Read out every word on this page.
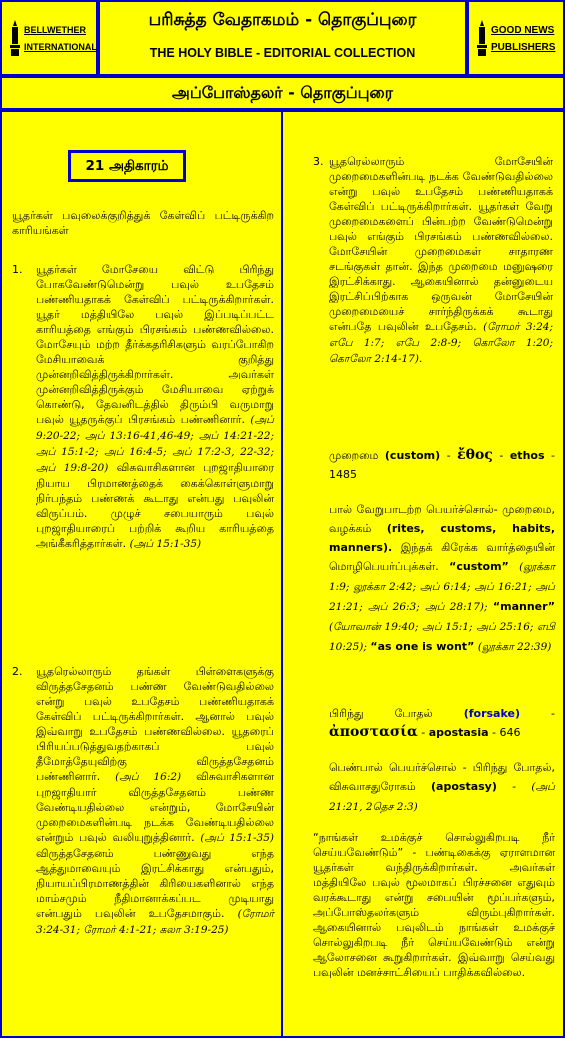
BELLWETHER
INTERNATIONAL
பரிசுத்த வேதாகமம் - தொகுப்புரை
THE HOLY BIBLE - EDITORIAL COLLECTION
GOOD NEWS
PUBLISHERS
அப்போஸ்தலர் - தொகுப்புரை
21 அதிகாரம்

யூதர்கள் பவுலைக்குறித்துக் கேள்விப் பட்டிருக்கிற காரியங்கள்

1.	யூதர்கள் மோசேயை விட்டு பிரிந்து போகவேண்டுமென்று பவுல் உபதேசம் பண்ணியதாகக் கேள்விப் பட்டிருக்கிறார்கள். யூதர் மத்தியிலே பவுல் இப்படிப்பட்ட காரியத்தை எங்கும் பிரசங்கம் பண்ணவில்லை. மோசேயும் மற்ற தீர்க்கதரிசிகளும் வரப்போகிற மேசியாவைக் குறித்து முன்னறிவித்திருக்கிறார்கள். அவர்கள் முன்னறிவித்திருக்கும் மேசியாவை ஏற்றுக் கொண்டு, தேவனிடத்தில் திரும்பி வருமாறு பவுல் யூதருக்குப் பிரசங்கம் பண்ணினார். (அப் 9:20-22; அப் 13:16-41,46-49; அப் 14:21-22; அப் 15:1-2; அப் 16:4-5; அப் 17:2-3, 22-32; அப் 19:8-20) விசுவாசிகளான புறஜாதியாரை நியாய பிரமாணத்தைக் கைக்கொள்ளுமாறு நிர்பந்தம் பண்ணக் கூடாது என்பது பவுலின் விருப்பம். முழுச் சபையாரும் பவுல் புறஜாதியாரைப் பற்றிக் கூறிய காரியத்தை அங்கீகரித்தார்கள். (அப் 15:1-35)

2.	யூதரெல்லாரும் தங்கள் பிள்ளைகளுக்கு விருத்தசேதனம் பண்ண வேண்டுவதில்லை என்று பவுல் உபதேசம் பண்ணியதாகக் கேள்விப் பட்டிருக்கிறார்கள். ஆனால் பவுல் இவ்வாறு உபதேசம் பண்ணவில்லை. யூதரைப் பிரியப்படுத்துவதற்காகப் பவுல் தீமோத்தேயுவிற்கு விருத்தசேதனம் பண்ணினார். (அப் 16:2) விசுவாசிகளான புறஜாதியார் விருத்தசேதனம் பண்ண வேண்டியதில்லை என்றும், மோசேயின் முறைமைகளின்படி நடக்க வேண்டியதில்லை என்றும் பவுல் வலியுறுத்தினார். (அப் 15:1-35) விருத்தசேதனம் பண்ணுவது எந்த ஆத்துமாவையும் இரட்சிக்காது என்பதும், நியாயப்பிரமாணத்தின் கிரியைகளினால் எந்த மாம்சமும் நீதிமானாக்கப்பட முடியாது என்பதும் பவுலின் உபதேசமாகும். (ரோமர் 3:24-31; ரோமர் 4:1-21; கலா 3:19-25)

3. யூதரெல்லாரும் மோசேயின் முறைமைகளின்படி நடக்க வேண்டுவதில்லை என்று பவுல் உபதேசம் பண்ணியதாகக் கேள்விப் பட்டிருக்கிறார்கள். யூதர்கள் வேறு முறைமைகளைப் பின்பற்ற வேண்டுமென்று பவுல் எங்கும் பிரசங்கம் பண்ணவில்லை. மோசேயின் முறைமைகள் சாதாரண சடங்குகள் தான். இந்த முறைமை மனுஷரை இரட்சிக்காது. ஆகையினால் தன்னுடைய இரட்சிப்பிற்காக ஒருவன் மோசேயின் முறைமையைச் சார்ந்திருக்கக் கூடாது என்பதே பவுலின் உபதேசம். (ரோமர் 3:24; எபே 1:7; எபே 2:8-9; கொலோ 1:20; கொலோ 2:14-17).

முறைமை (custom) - ἔθος - ethos - 1485

பால் வேறுபாடற்ற பெயர்ச்சொல்- முறைமை, வழக்கம் (rites, customs, habits, manners). இந்தக் கிரேக்க வார்த்தையின் மொழிபெயர்ப்புக்கள். “custom” (லூக்கா 1:9; லூக்கா 2:42; அப் 6:14; அப் 16:21; அப் 21:21; அப் 26:3; அப் 28:17); “manner” (யோவான் 19:40; அப் 15:1; அப் 25:16; எபி 10:25); “as one is wont” (லூக்கா 22:39)

பிரிந்து போதல்	(forsake) - ἀποστασία - apostasia - 646

பெண்பால் பெயர்ச்சொல் - பிரிந்து போதல், விசுவாசதுரோகம் (apostasy) - (அப் 21:21, 2தெச 2:3)

“நாங்கள் உமக்குச் சொல்லுகிறபடி நீர் செய்யவேண்டும்” - பண்டிகைக்கு ஏராளமான யூதர்கள் வந்திருக்கிறார்கள். அவர்கள் மத்தியிலே பவுல் மூலமாகப் பிரச்சனை எதுவும் வரக்கூடாது என்று சபையின் மூப்பர்களும், அப்போஸ்தலர்களும் விரும்புகிறார்கள். ஆகையினால் பவுலிடம் நாங்கள் உமக்குச் சொல்லுகிறபடி நீர் செய்யவேண்டும் என்று ஆலோசனை கூறுகிறார்கள். இவ்வாறு செய்வது பவுலின் மனச்சாட்சியைப் பாதிக்கவில்லை.
